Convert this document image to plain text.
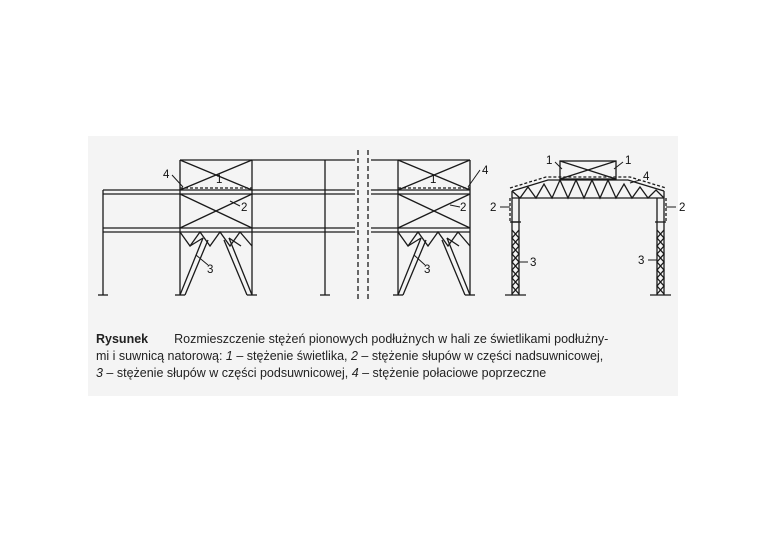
4	1
2
3
4
1
2
3
1	1
4
2	2
3	3
Rysunek Rozmieszczenie stężeń pionowych podłużnych w hali ze świetlikami podłużny-
mi i suwnicą natorową: 1 – stężenie świetlika, 2 – stężenie słupów w części nadsuwnicowej,
3 – stężenie słupów w części podsuwnicowej, 4 – stężenie połaciowe poprzeczne
